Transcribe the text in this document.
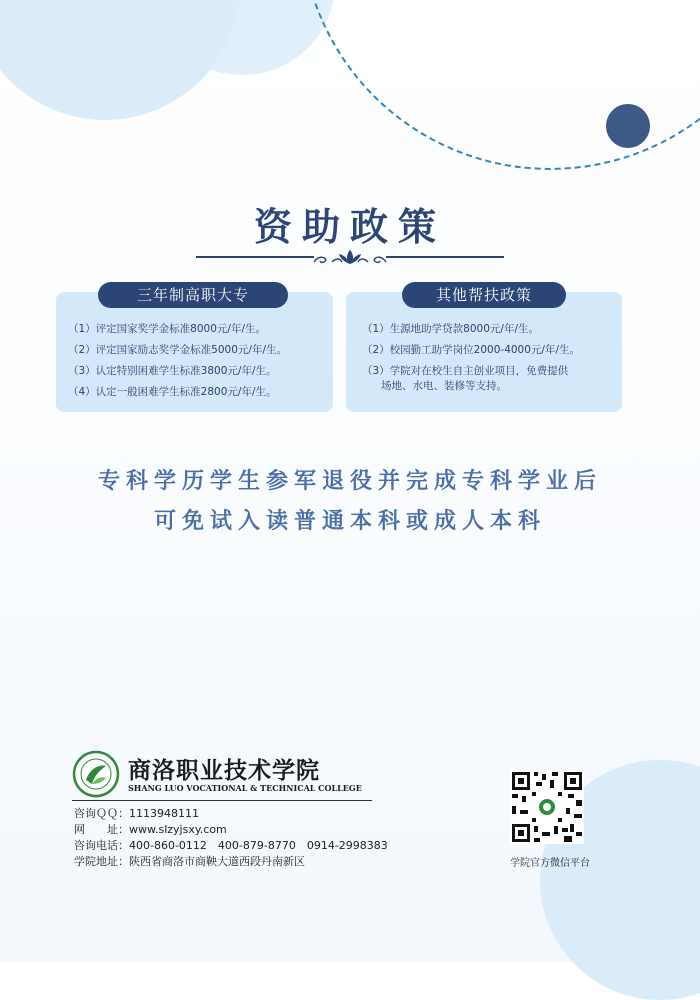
资助政策
三年制高职大专	其他帮扶政策
（1）评定国家奖学金标准8000元/年/生。
（2）评定国家励志奖学金标准5000元/年/生。
（3）认定特别困难学生标准3800元/年/生。
（4）认定一般困难学生标准2800元/年/生。
（1）生源地助学贷款8000元/年/生。
（2）校园勤工助学岗位2000-4000元/年/生。
（3）学院对在校生自主创业项目，免费提供
场地、水电、装修等支持。
专科学历学生参军退役并完成专科学业后
可免试入读普通本科或成人本科
商洛职业技术学院
SHANG LUO VOCATIONAL & TECHNICAL COLLEGE
咨询ＱＱ：1113948111
网　　址：www.slzyjsxy.com
咨询电话：400-860-0112　400-879-8770　0914-2998383
学院地址：陕西省商洛市商鞅大道西段丹南新区	学院官方微信平台
